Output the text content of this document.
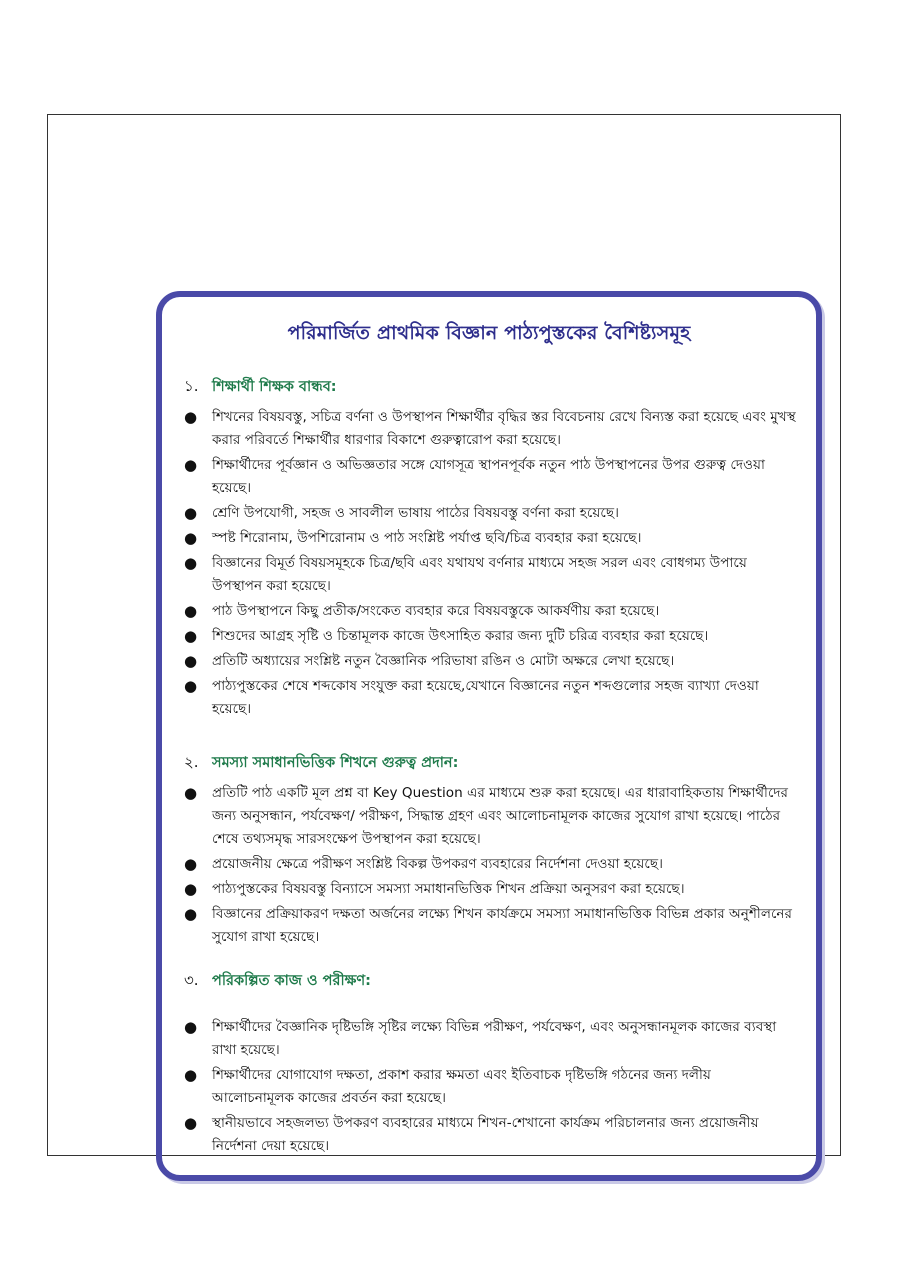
পরিমার্জিত প্রাথমিক বিজ্ঞান পাঠ্যপুস্তকের বৈশিষ্ট্যসমূহ
১. শিক্ষার্থী শিক্ষক বান্ধব:
●	শিখনের বিষয়বস্তু, সচিত্র বর্ণনা ও উপস্থাপন শিক্ষার্থীর বৃদ্ধির স্তর বিবেচনায় রেখে বিন্যস্ত করা হয়েছে এবং মুখস্থ করার পরিবর্তে শিক্ষার্থীর ধারণার বিকাশে গুরুত্বারোপ করা হয়েছে।
●	শিক্ষার্থীদের পূর্বজ্ঞান ও অভিজ্ঞতার সঙ্গে যোগসূত্র স্থাপনপূর্বক নতুন পাঠ উপস্থাপনের উপর গুরুত্ব দেওয়া হয়েছে।
●	শ্রেণি উপযোগী, সহজ ও সাবলীল ভাষায় পাঠের বিষয়বস্তু বর্ণনা করা হয়েছে।
●	স্পষ্ট শিরোনাম, উপশিরোনাম ও পাঠ সংশ্লিষ্ট পর্যাপ্ত ছবি/চিত্র ব্যবহার করা হয়েছে।
●	বিজ্ঞানের বিমূর্ত বিষয়সমূহকে চিত্র/ছবি এবং যথাযথ বর্ণনার মাধ্যমে সহজ সরল এবং বোধগম্য উপায়ে উপস্থাপন করা হয়েছে।
●	পাঠ উপস্থাপনে কিছু প্রতীক/সংকেত ব্যবহার করে বিষয়বস্তুকে আকর্ষণীয় করা হয়েছে।
●	শিশুদের আগ্রহ সৃষ্টি ও চিন্তামূলক কাজে উৎসাহিত করার জন্য দুটি চরিত্র ব্যবহার করা হয়েছে।
●	প্রতিটি অধ্যায়ের সংশ্লিষ্ট নতুন বৈজ্ঞানিক পরিভাষা রঙিন ও মোটা অক্ষরে লেখা হয়েছে।
●	পাঠ্যপুস্তকের শেষে শব্দকোষ সংযুক্ত করা হয়েছে,যেখানে বিজ্ঞানের নতুন শব্দগুলোর সহজ ব্যাখ্যা দেওয়া হয়েছে।
২. সমস্যা সমাধানভিত্তিক শিখনে গুরুত্ব প্রদান:
●	প্রতিটি পাঠ একটি মূল প্রশ্ন বা Key Question এর মাধ্যমে শুরু করা হয়েছে। এর ধারাবাহিকতায় শিক্ষার্থীদের জন্য অনুসন্ধান, পর্যবেক্ষণ/ পরীক্ষণ, সিদ্ধান্ত গ্রহণ এবং আলোচনামূলক কাজের সুযোগ রাখা হয়েছে। পাঠের শেষে তথ্যসমৃদ্ধ সারসংক্ষেপ উপস্থাপন করা হয়েছে।
●	প্রয়োজনীয় ক্ষেত্রে পরীক্ষণ সংশ্লিষ্ট বিকল্প উপকরণ ব্যবহারের নির্দেশনা দেওয়া হয়েছে।
●	পাঠ্যপুস্তকের বিষয়বস্তু বিন্যাসে সমস্যা সমাধানভিত্তিক শিখন প্রক্রিয়া অনুসরণ করা হয়েছে।
●	বিজ্ঞানের প্রক্রিয়াকরণ দক্ষতা অর্জনের লক্ষ্যে শিখন কার্যক্রমে সমস্যা সমাধানভিত্তিক বিভিন্ন প্রকার অনুশীলনের সুযোগ রাখা হয়েছে।
৩. পরিকল্পিত কাজ ও পরীক্ষণ:
●	শিক্ষার্থীদের বৈজ্ঞানিক দৃষ্টিভঙ্গি সৃষ্টির লক্ষ্যে বিভিন্ন পরীক্ষণ, পর্যবেক্ষণ, এবং অনুসন্ধানমূলক কাজের ব্যবস্থা রাখা হয়েছে।
●	শিক্ষার্থীদের যোগাযোগ দক্ষতা, প্রকাশ করার ক্ষমতা এবং ইতিবাচক দৃষ্টিভঙ্গি গঠনের জন্য দলীয় আলোচনামূলক কাজের প্রবর্তন করা হয়েছে।
●	স্থানীয়ভাবে সহজলভ্য উপকরণ ব্যবহারের মাধ্যমে শিখন-শেখানো কার্যক্রম পরিচালনার জন্য প্রয়োজনীয় নির্দেশনা দেয়া হয়েছে।
